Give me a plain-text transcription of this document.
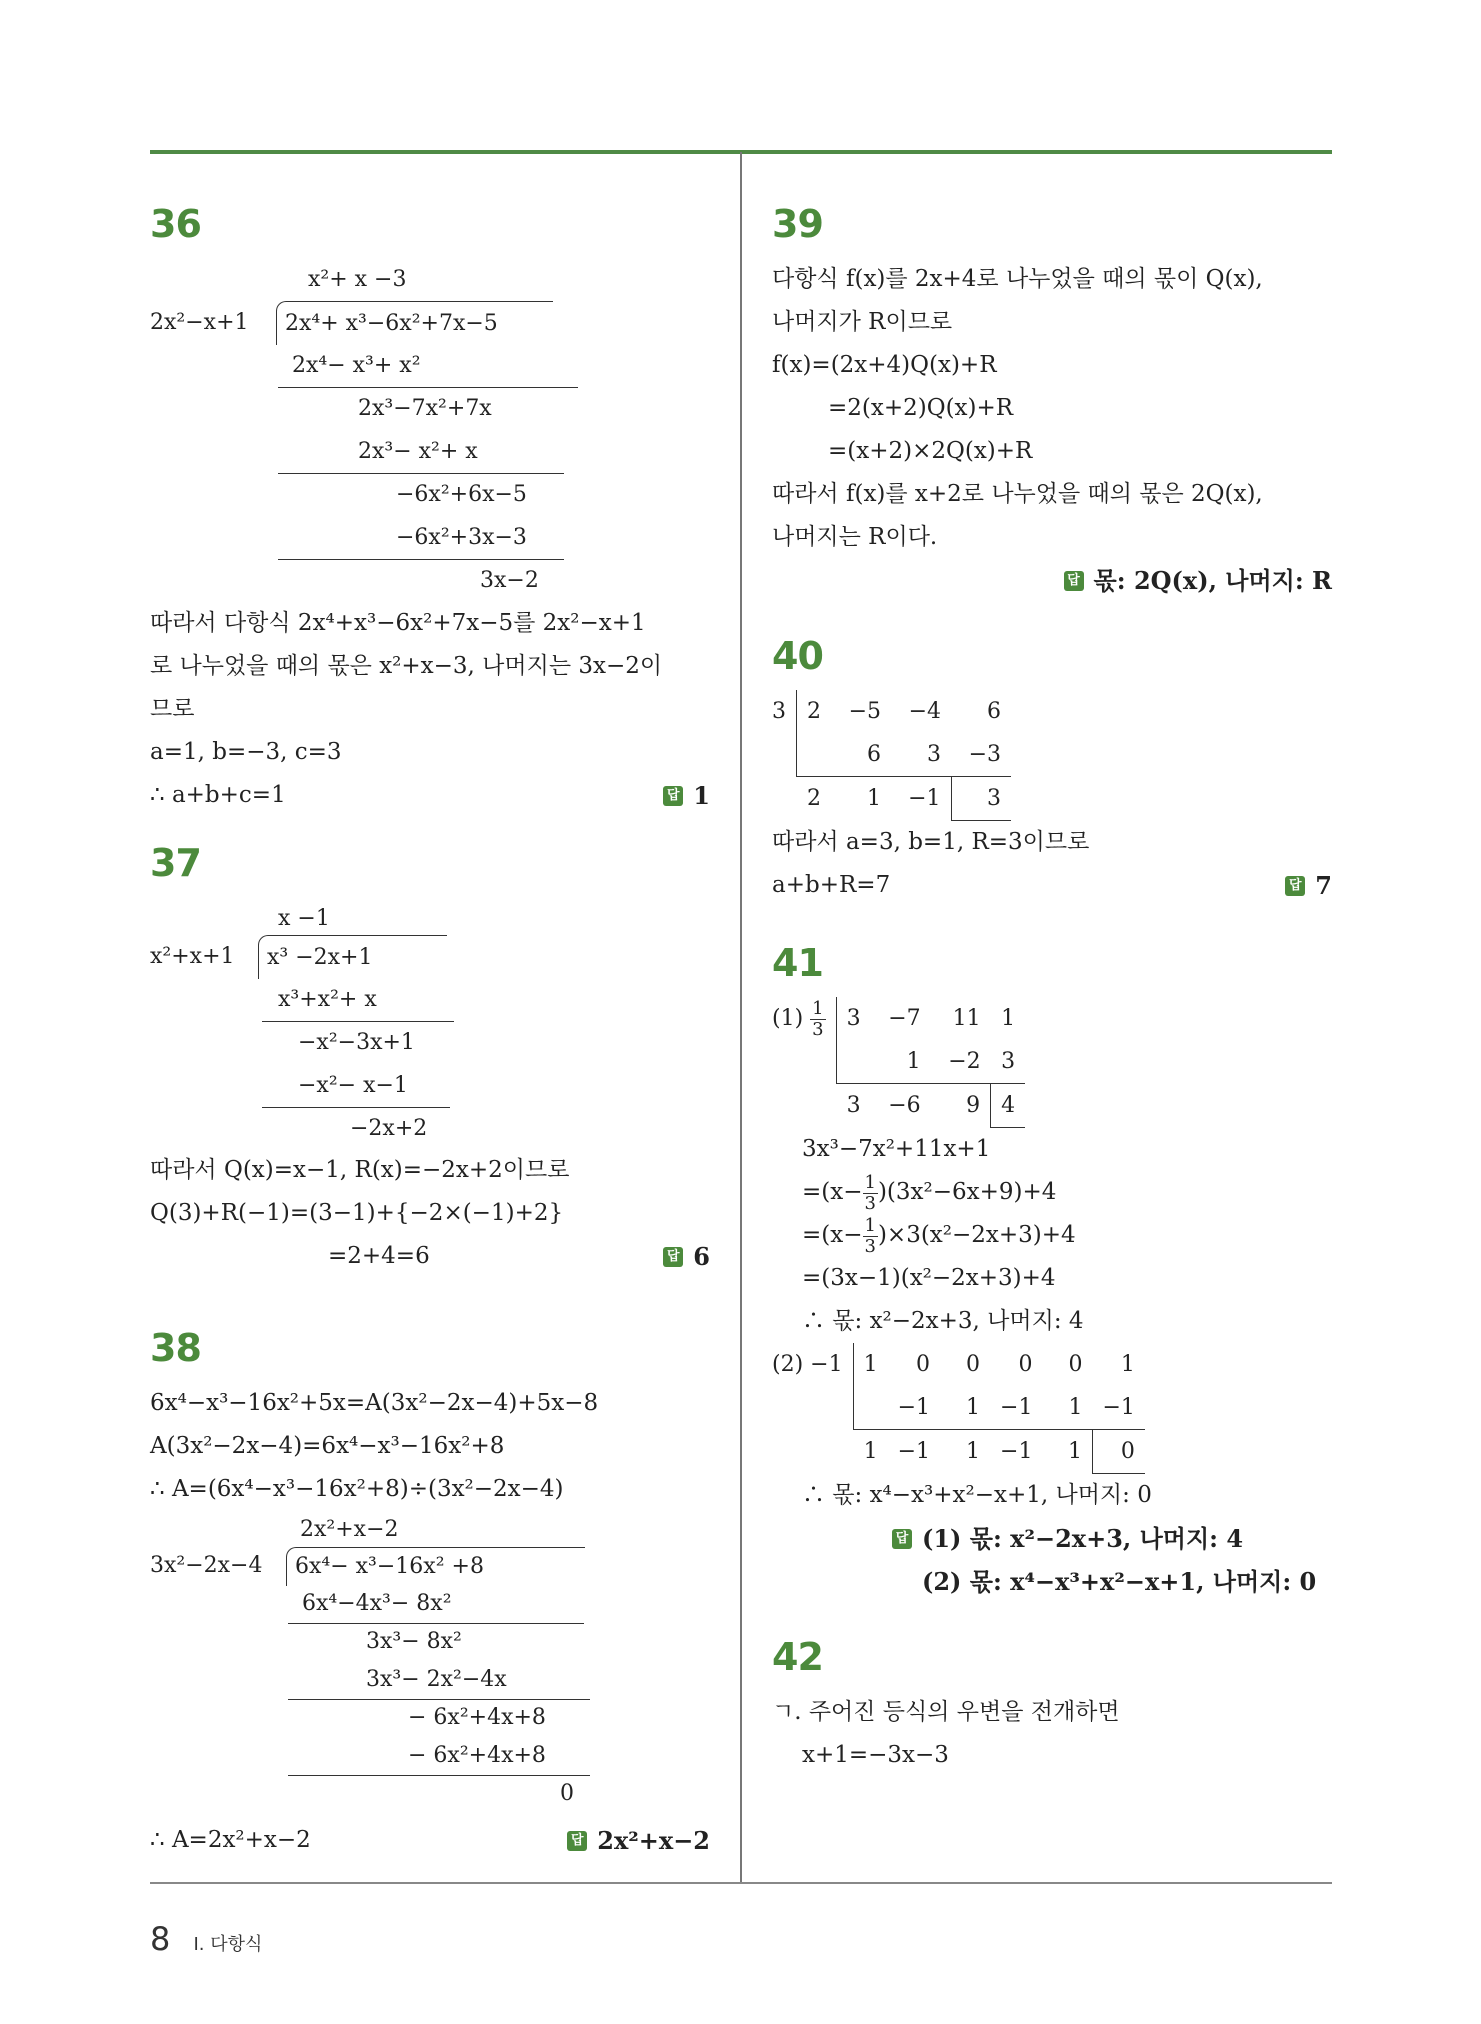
36
x²+ x −3
2x²−x+1	2x⁴+ x³−6x²+7x−5
2x⁴− x³+ x²
2x³−7x²+7x
2x³− x²+ x
−6x²+6x−5
−6x²+3x−3
3x−2
따라서 다항식 2x⁴+x³−6x²+7x−5를 2x²−x+1
로 나누었을 때의 몫은 x²+x−3, 나머지는 3x−2이
므로
a=1, b=−3, c=3
∴ a+b+c=1	답 1
37
x −1
x²+x+1	x³ −2x+1
x³+x²+ x
−x²−3x+1
−x²− x−1
−2x+2
따라서 Q(x)=x−1, R(x)=−2x+2이므로
Q(3)+R(−1)=(3−1)+{−2×(−1)+2}
=2+4=6	답 6
38
6x⁴−x³−16x²+5x=A(3x²−2x−4)+5x−8
A(3x²−2x−4)=6x⁴−x³−16x²+8
∴ A=(6x⁴−x³−16x²+8)÷(3x²−2x−4)
2x²+x−2
3x²−2x−4	6x⁴− x³−16x² +8
6x⁴−4x³− 8x²
3x³− 8x²
3x³− 2x²−4x
− 6x²+4x+8
− 6x²+4x+8
0
∴ A=2x²+x−2	답 2x²+x−2
39
다항식 f(x)를 2x+4로 나누었을 때의 몫이 Q(x),
나머지가 R이므로
f(x)=(2x+4)Q(x)+R
=2(x+2)Q(x)+R
=(x+2)×2Q(x)+R
따라서 f(x)를 x+2로 나누었을 때의 몫은 2Q(x),
나머지는 R이다.
답 몫: 2Q(x), 나머지: R
40
3	2	−5	−4	6
		6	3	−3
	2	1	−1	3
따라서 a=3, b=1, R=3이므로
a+b+R=7	답 7
41
$(1) \frac{1}{3}$	3	−7	11	1
		1	−2	3
	3	−6	9	4
3x³−7x²+11x+1
$=(x- \frac{1}{3} )(3x^2-6x+9)+4$
$=(x- \frac{1}{3} )\times 3(x^2-2x+3)+4$
=(3x−1)(x²−2x+3)+4
∴ 몫: x²−2x+3, 나머지: 4
(2) −1	1	0	0	0	0	1
		−1	1	−1	1	−1
	1	−1	1	−1	1	0
∴ 몫: x⁴−x³+x²−x+1, 나머지: 0
답 (1) 몫: x²−2x+3, 나머지: 4
(2) 몫: x⁴−x³+x²−x+1, 나머지: 0
42
ㄱ. 주어진 등식의 우변을 전개하면
x+1=−3x−3
8 Ⅰ. 다항식
